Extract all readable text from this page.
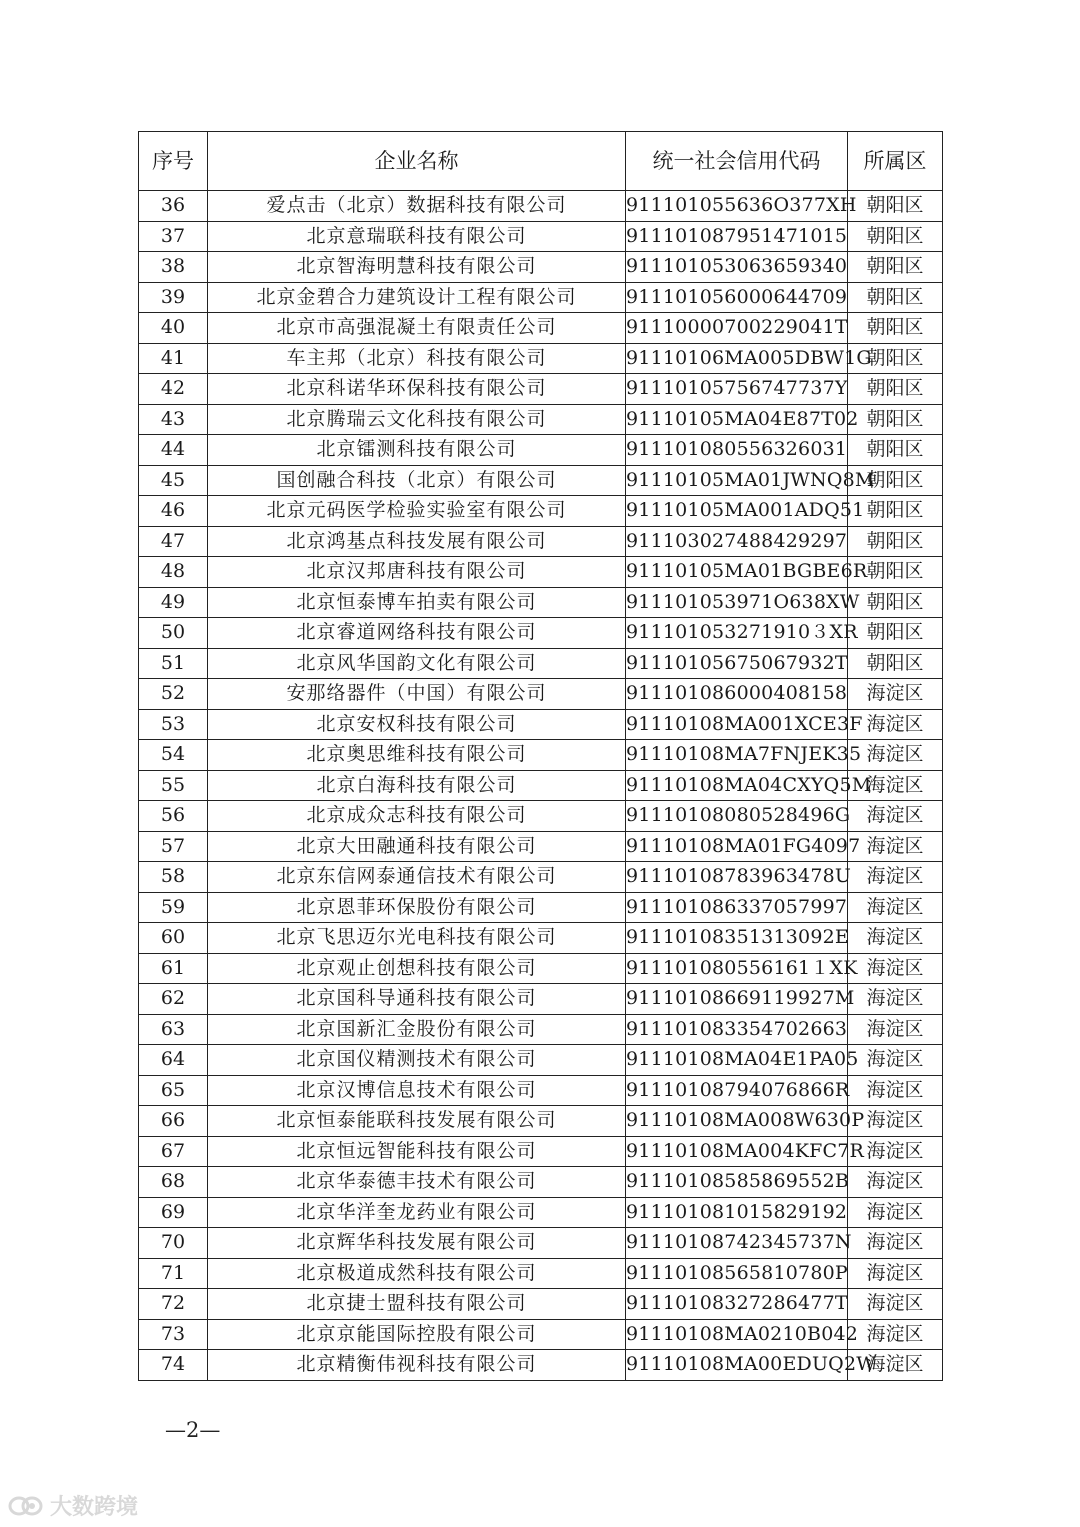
序号	企业名称	统一社会信用代码	所属区
36	爱点击（北京）数据科技有限公司	911101055636O377XH	朝阳区
37	北京意瑞联科技有限公司	911101087951471015	朝阳区
38	北京智海明慧科技有限公司	911101053063659340	朝阳区
39	北京金碧合力建筑设计工程有限公司	911101056000644709	朝阳区
40	北京市高强混凝土有限责任公司	91110000700229041T	朝阳区
41	车主邦（北京）科技有限公司	91110106MA005DBW1G	朝阳区
42	北京科诺华环保科技有限公司	91110105756747737Y	朝阳区
43	北京腾瑞云文化科技有限公司	91110105MA04E87T02	朝阳区
44	北京镭测科技有限公司	911101080556326031	朝阳区
45	国创融合科技（北京）有限公司	91110105MA01JWNQ8M	朝阳区
46	北京元码医学检验实验室有限公司	91110105MA001ADQ51	朝阳区
47	北京鸿基点科技发展有限公司	911103027488429297	朝阳区
48	北京汉邦唐科技有限公司	91110105MA01BGBE6R	朝阳区
49	北京恒泰博车拍卖有限公司	911101053971O638XW	朝阳区
50	北京睿道网络科技有限公司	911101053271910３XR	朝阳区
51	北京风华国韵文化有限公司	91110105675067932T	朝阳区
52	安那络器件（中国）有限公司	911101086000408158	海淀区
53	北京安权科技有限公司	91110108MA001XCE3F	海淀区
54	北京奥思维科技有限公司	91110108MA7FNJEK35	海淀区
55	北京白海科技有限公司	91110108MA04CXYQ5M	海淀区
56	北京成众志科技有限公司	91110108080528496G	海淀区
57	北京大田融通科技有限公司	91110108MA01FG4097	海淀区
58	北京东信网泰通信技术有限公司	91110108783963478U	海淀区
59	北京恩菲环保股份有限公司	911101086337057997	海淀区
60	北京飞思迈尔光电科技有限公司	91110108351313092E	海淀区
61	北京观止创想科技有限公司	911101080556161１XK	海淀区
62	北京国科导通科技有限公司	91110108669119927M	海淀区
63	北京国新汇金股份有限公司	911101083354702663	海淀区
64	北京国仪精测技术有限公司	91110108MA04E1PA05	海淀区
65	北京汉博信息技术有限公司	91110108794076866R	海淀区
66	北京恒泰能联科技发展有限公司	91110108MA008W630P	海淀区
67	北京恒远智能科技有限公司	91110108MA004KFC7R	海淀区
68	北京华泰德丰技术有限公司	91110108585869552B	海淀区
69	北京华洋奎龙药业有限公司	911101081015829192	海淀区
70	北京辉华科技发展有限公司	91110108742345737N	海淀区
71	北京极道成然科技有限公司	91110108565810780P	海淀区
72	北京捷士盟科技有限公司	91110108327286477T	海淀区
73	北京京能国际控股有限公司	91110108MA0210B042	海淀区
74	北京精衡伟视科技有限公司	91110108MA00EDUQ2W	海淀区
—2—
大数跨境
